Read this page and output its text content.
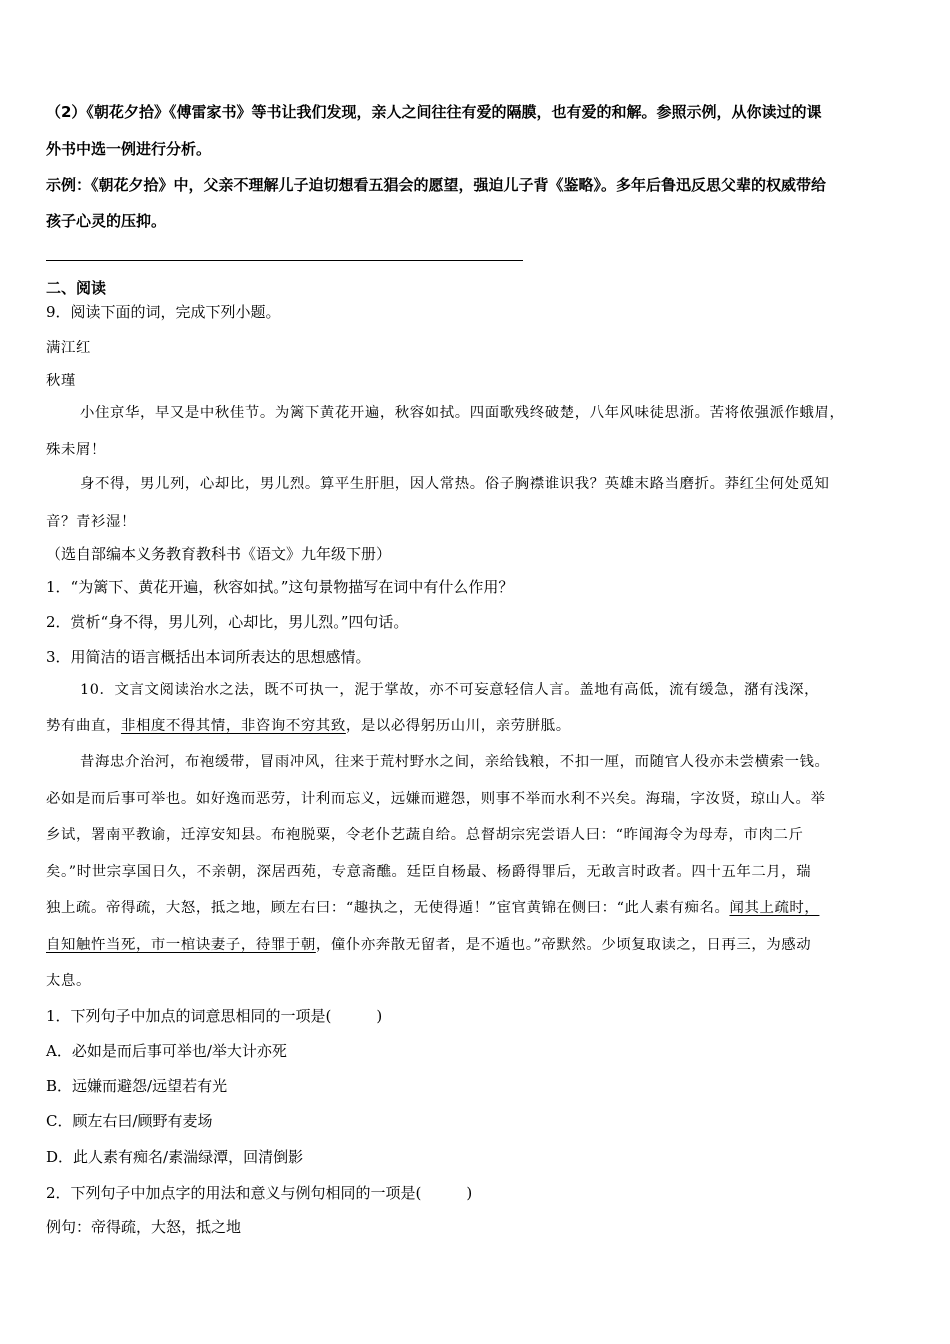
（2）《朝花夕拾》《傅雷家书》等书让我们发现，亲人之间往往有爱的隔膜，也有爱的和解。参照示例，从你读过的课
外书中选一例进行分析。
示例：《朝花夕拾》中，父亲不理解儿子迫切想看五猖会的愿望，强迫儿子背《鉴略》。多年后鲁迅反思父辈的权威带给
孩子心灵的压抑。
二、阅读
9．阅读下面的词，完成下列小题。
满江红
秋瑾
小住京华，早又是中秋佳节。为篱下黄花开遍，秋容如拭。四面歌残终破楚，八年风味徒思浙。苦将侬强派作蛾眉，
殊未屑！
身不得，男儿列，心却比，男儿烈。算平生肝胆，因人常热。俗子胸襟谁识我？英雄末路当磨折。莽红尘何处觅知
音？青衫湿！
（选自部编本义务教育教科书《语文》九年级下册）
1．“为篱下、黄花开遍，秋容如拭。”这句景物描写在词中有什么作用？
2．赏析“身不得，男儿列，心却比，男儿烈。”四句话。
3．用简洁的语言概括出本词所表达的思想感情。
10．文言文阅读治水之法，既不可执一，泥于掌故，亦不可妄意轻信人言。盖地有高低，流有缓急，潴有浅深，
势有曲直，非相度不得其情，非咨询不穷其致，是以必得躬历山川，亲劳胼胝。
昔海忠介治河，布袍缓带，冒雨冲风，往来于荒村野水之间，亲给钱粮，不扣一厘，而随官人役亦未尝横索一钱。
必如是而后事可举也。如好逸而恶劳，计利而忘义，远嫌而避怨，则事不举而水利不兴矣。海瑞，字汝贤，琼山人。举
乡试，署南平教谕，迁淳安知县。布袍脱粟，令老仆艺蔬自给。总督胡宗宪尝语人曰：“昨闻海令为母寿，市肉二斤
矣。”时世宗享国日久，不亲朝，深居西苑，专意斋醮。廷臣自杨最、杨爵得罪后，无敢言时政者。四十五年二月，瑞
独上疏。帝得疏，大怒，抵之地，顾左右曰：“趣执之，无使得遁！”宦官黄锦在侧曰：“此人素有痴名。闻其上疏时，
自知触忤当死，市一棺诀妻子，待罪于朝，僮仆亦奔散无留者，是不遁也。”帝默然。少顷复取读之，日再三，为感动
太息。
1．下列句子中加点的词意思相同的一项是(　　　)
A．必如是而后事可举也/举大计亦死
B．远嫌而避怨/远望若有光
C．顾左右曰/顾野有麦场
D．此人素有痴名/素湍绿潭，回清倒影
2．下列句子中加点字的用法和意义与例句相同的一项是(　　　)
例句：帝得疏，大怒，抵之地
